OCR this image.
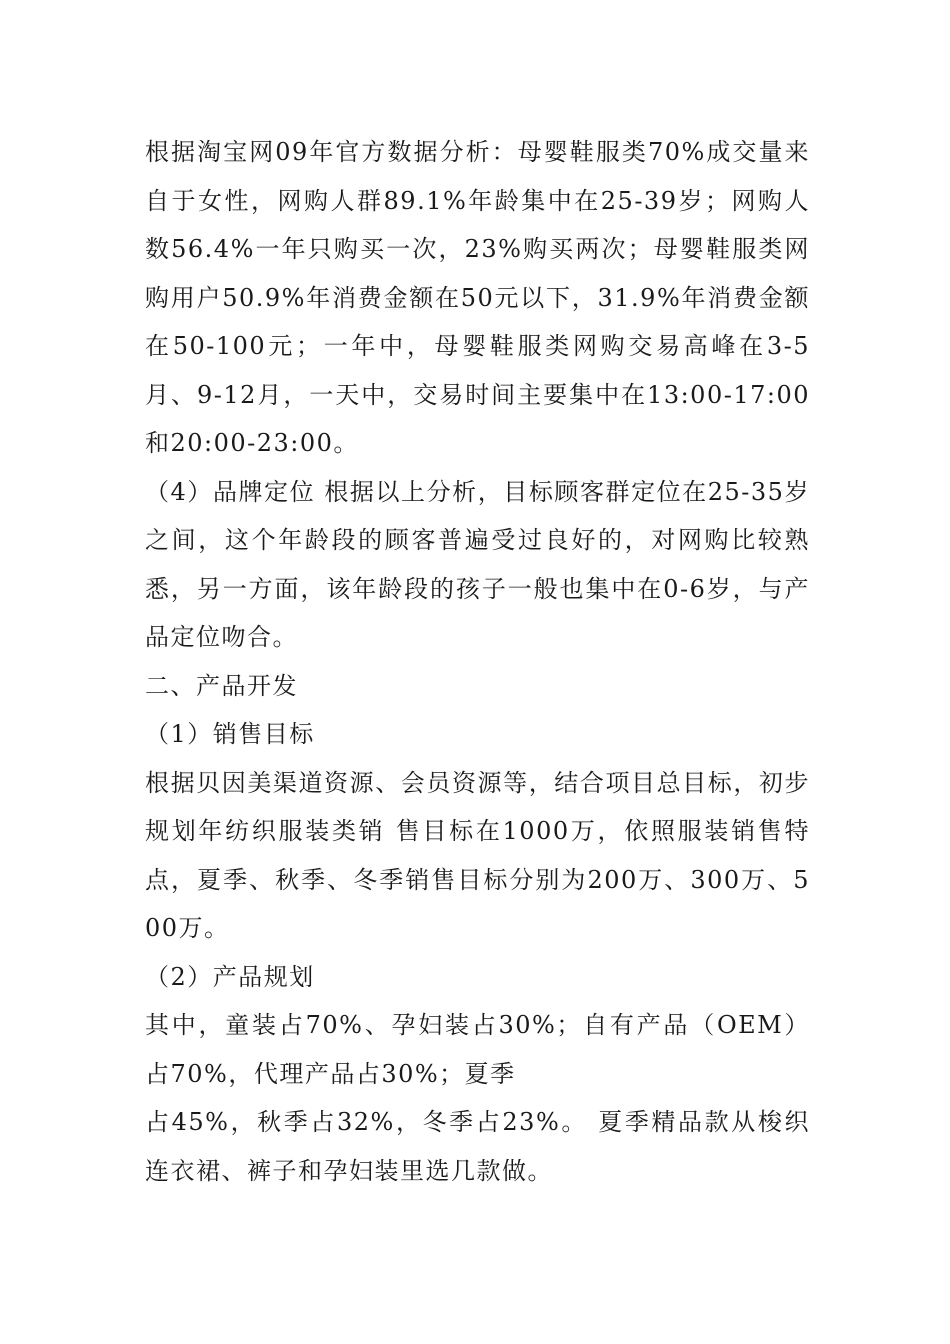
根据淘宝网09年官方数据分析：母婴鞋服类70%成交量来自于女性，网购人群89.1%年龄集中在25-39岁；网购人数56.4%一年只购买一次，23%购买两次；母婴鞋服类网购用户50.9%年消费金额在50元以下，31.9%年消费金额在50-100元；一年中，母婴鞋服类网购交易高峰在3-5月、9-12月，一天中，交易时间主要集中在13:00-17:00和20:00-23:00。

（4）品牌定位 根据以上分析，目标顾客群定位在25-35岁之间，这个年龄段的顾客普遍受过良好的，对网购比较熟悉，另一方面，该年龄段的孩子一般也集中在0-6岁，与产品定位吻合。

二、产品开发

（1）销售目标

根据贝因美渠道资源、会员资源等，结合项目总目标，初步规划年纺织服装类销 售目标在1000万，依照服装销售特点，夏季、秋季、冬季销售目标分别为200万、300万、500万。

（2）产品规划

其中，童装占70%、孕妇装占30%；自有产品（OEM）占70%，代理产品占30%；夏季

占45%，秋季占32%，冬季占23%。 夏季精品款从梭织连衣裙、裤子和孕妇装里选几款做。
